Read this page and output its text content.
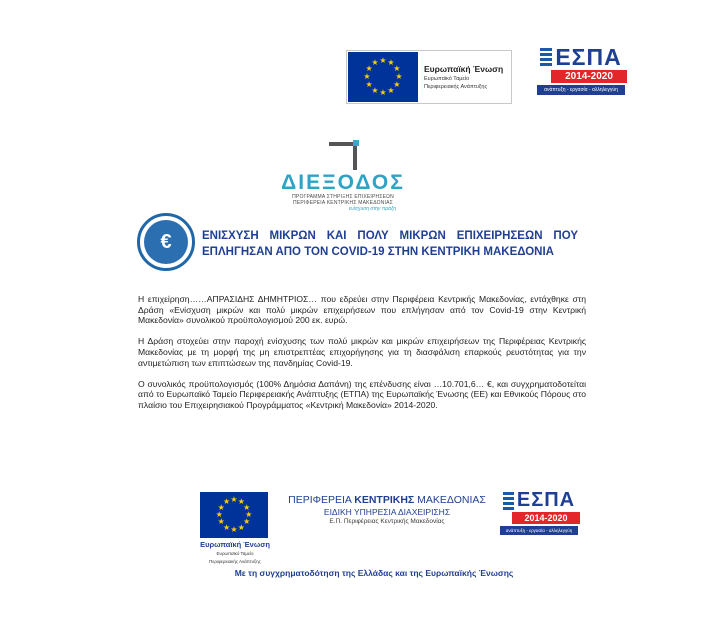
★ ★
★
★
★
★
★
★
★
★
★
★
Ευρωπαϊκή Ένωση
Ευρωπαϊκό Ταμείο
Περιφερειακής Ανάπτυξης
ΕΣΠΑ
2014-2020
ανάπτυξη - εργασία - αλληλεγγύη
ΔΙΕΞΟΔΟΣ
ΠΡΟΓΡΑΜΜΑ ΣΤΗΡΙΞΗΣ ΕΠΙΧΕΙΡΗΣΕΩΝ
ΠΕΡΙΦΕΡΕΙΑ ΚΕΝΤΡΙΚΗΣ ΜΑΚΕΔΟΝΙΑΣ
ενίσχυση στην πράξη
€	ΕΝΙΣΧΥΣΗ ΜΙΚΡΩΝ ΚΑΙ ΠΟΛΥ ΜΙΚΡΩΝ ΕΠΙΧΕΙΡΗΣΕΩΝ ΠΟΥ ΕΠΛΗΓΗΣΑΝ ΑΠΟ ΤΟΝ COVID-19 ΣΤΗΝ ΚΕΝΤΡΙΚΗ ΜΑΚΕΔΟΝΙΑ

Η επιχείρηση……ΑΠΡΑΣΙΔΗΣ ΔΗΜΗΤΡΙΟΣ… που εδρεύει στην Περιφέρεια Κεντρικής Μακεδονίας, εντάχθηκε στη Δράση «Ενίσχυση μικρών και πολύ μικρών επιχειρήσεων που επλήγησαν από τον Covid-19 στην Κεντρική Μακεδονία» συνολικού προϋπολογισμού 200 εκ. ευρώ.

Η Δράση στοχεύει στην παροχή ενίσχυσης των πολύ μικρών και μικρών επιχειρήσεων της Περιφέρειας Κεντρικής Μακεδονίας με τη μορφή της μη επιστρεπτέας επιχορήγησης για τη διασφάλιση επαρκούς ρευστότητας για την αντιμετώπιση των επιπτώσεων της πανδημίας Covid-19.

Ο συνολικός προϋπολογισμός (100% Δημόσια Δαπάνη) της επένδυσης είναι …10.701,6… €, και συγχρηματοδοτείται από το Ευρωπαϊκό Ταμείο Περιφερειακής Ανάπτυξης (ΕΤΠΑ) της Ευρωπαϊκής Ένωσης (ΕΕ) και Εθνικούς Πόρους στο πλαίσιο του Επιχειρησιακού Προγράμματος «Κεντρική Μακεδονία» 2014-2020.

★ ★
★
★
★
★
★
★
★
★
★
★
Ευρωπαϊκή Ένωση
Ευρωπαϊκό Ταμείο
Περιφερειακής Ανάπτυξης
ΠΕΡΙΦΕΡΕΙΑ ΚΕΝΤΡΙΚΗΣ ΜΑΚΕΔΟΝΙΑΣ
ΕΙΔΙΚΗ ΥΠΗΡΕΣΙΑ ΔΙΑΧΕΙΡΙΣΗΣ
Ε.Π. Περιφέρειας Κεντρικής Μακεδονίας
ΕΣΠΑ
2014-2020
ανάπτυξη - εργασία - αλληλεγγύη
Με τη συγχρηματοδότηση της Ελλάδας και της Ευρωπαϊκής Ένωσης
